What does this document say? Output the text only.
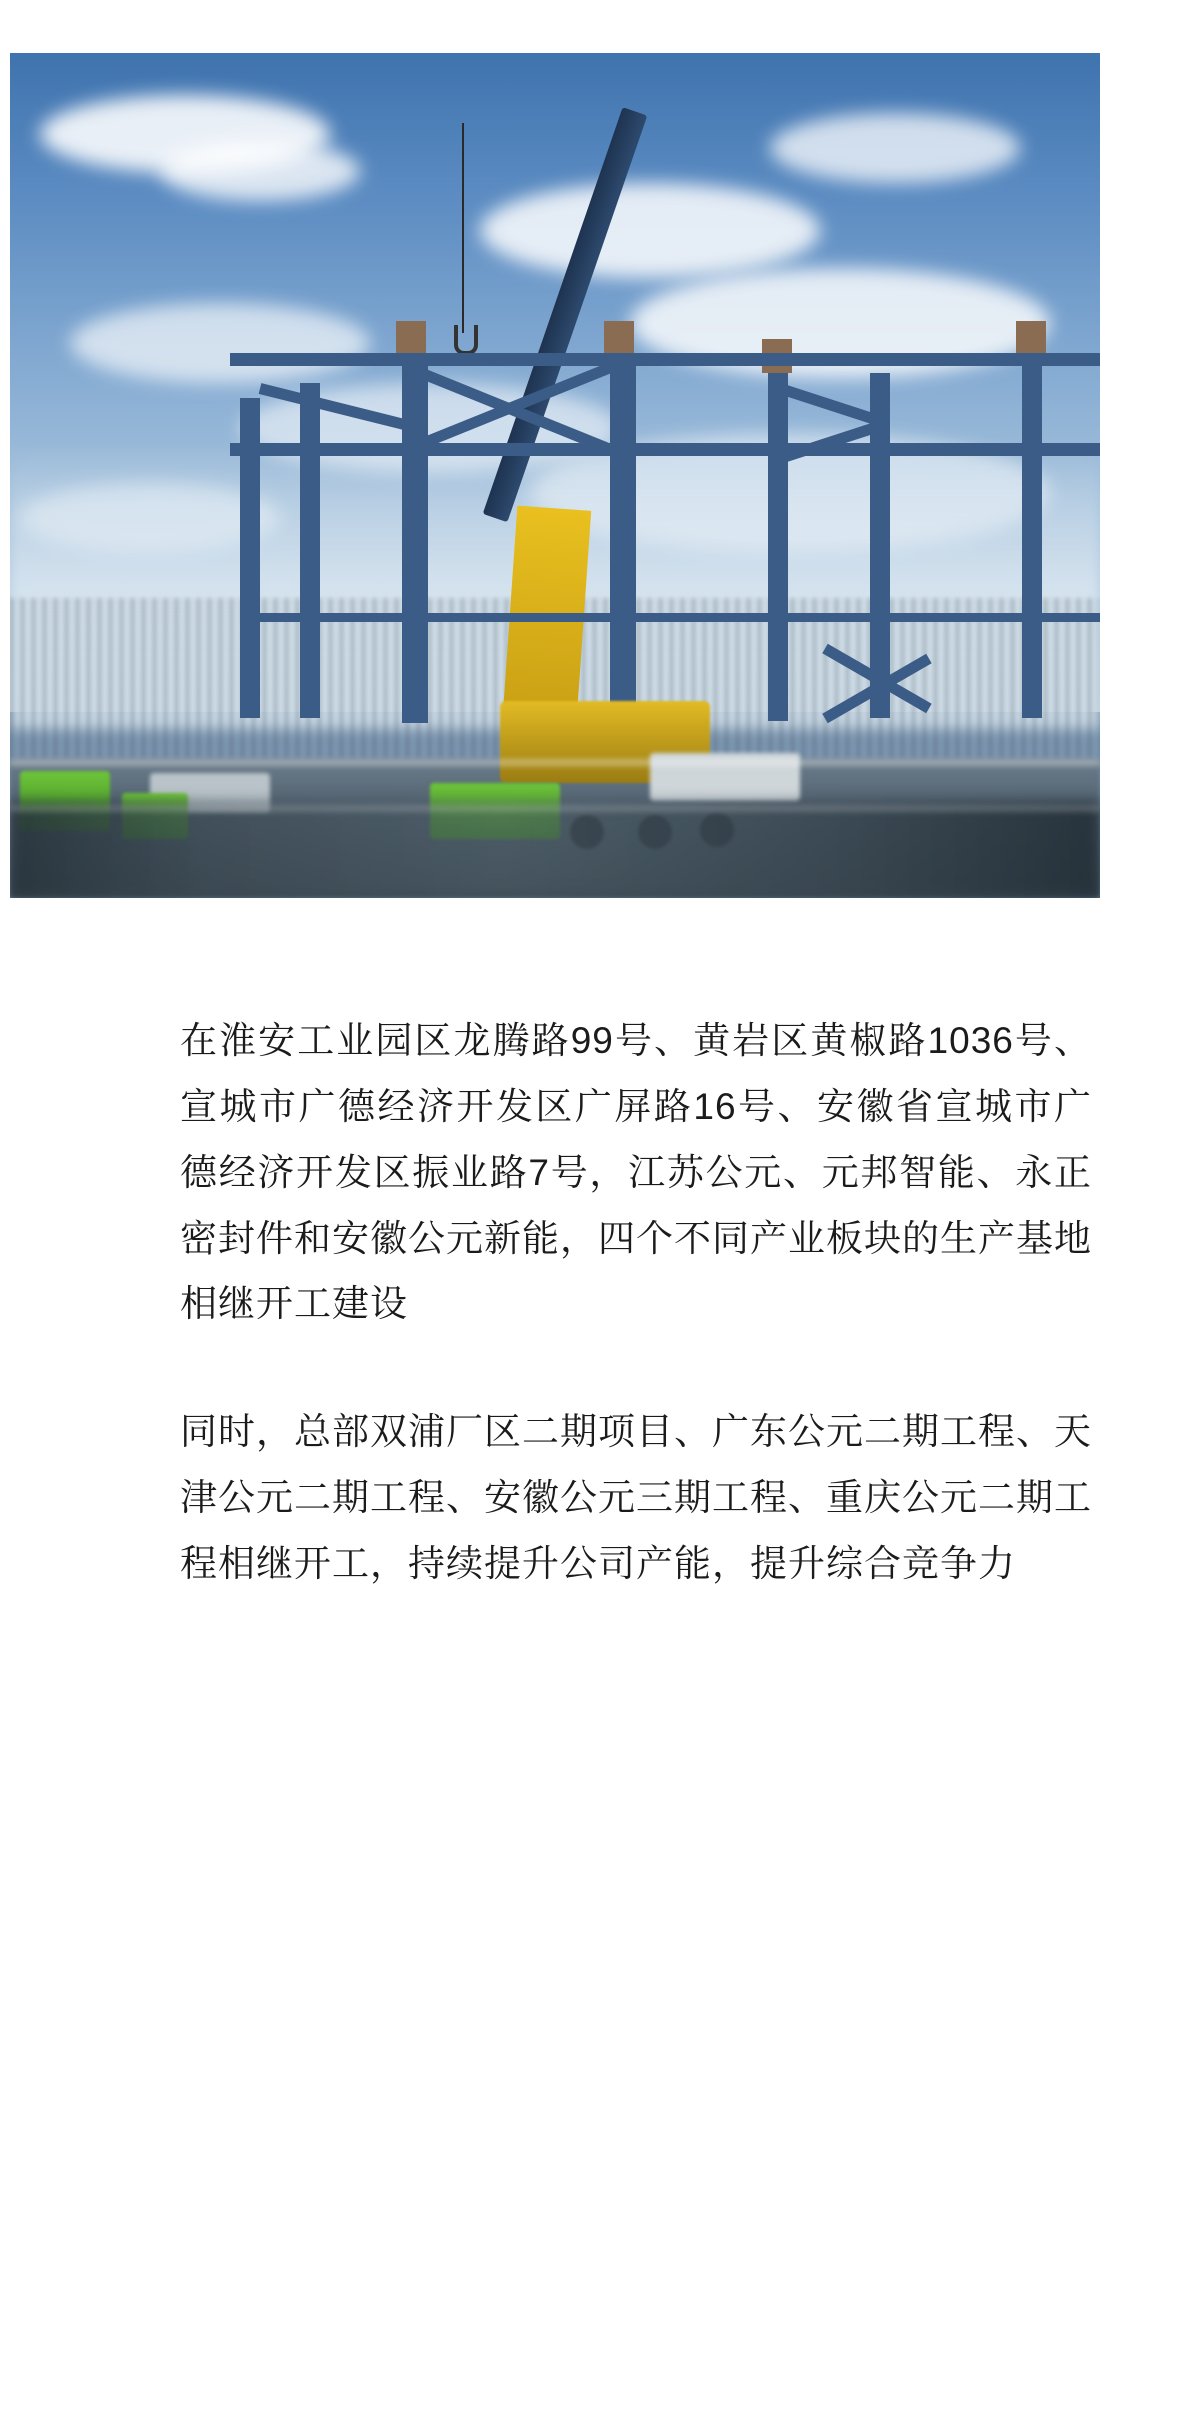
在淮安工业园区龙腾路99号、黄岩区黄椒路1036号、宣城市广德经济开发区广屏路16号、安徽省宣城市广德经济开发区振业路7号，江苏公元、元邦智能、永正密封件和安徽公元新能，四个不同产业板块的生产基地相继开工建设

同时，总部双浦厂区二期项目、广东公元二期工程、天津公元二期工程、安徽公元三期工程、重庆公元二期工程相继开工，持续提升公司产能，提升综合竞争力
